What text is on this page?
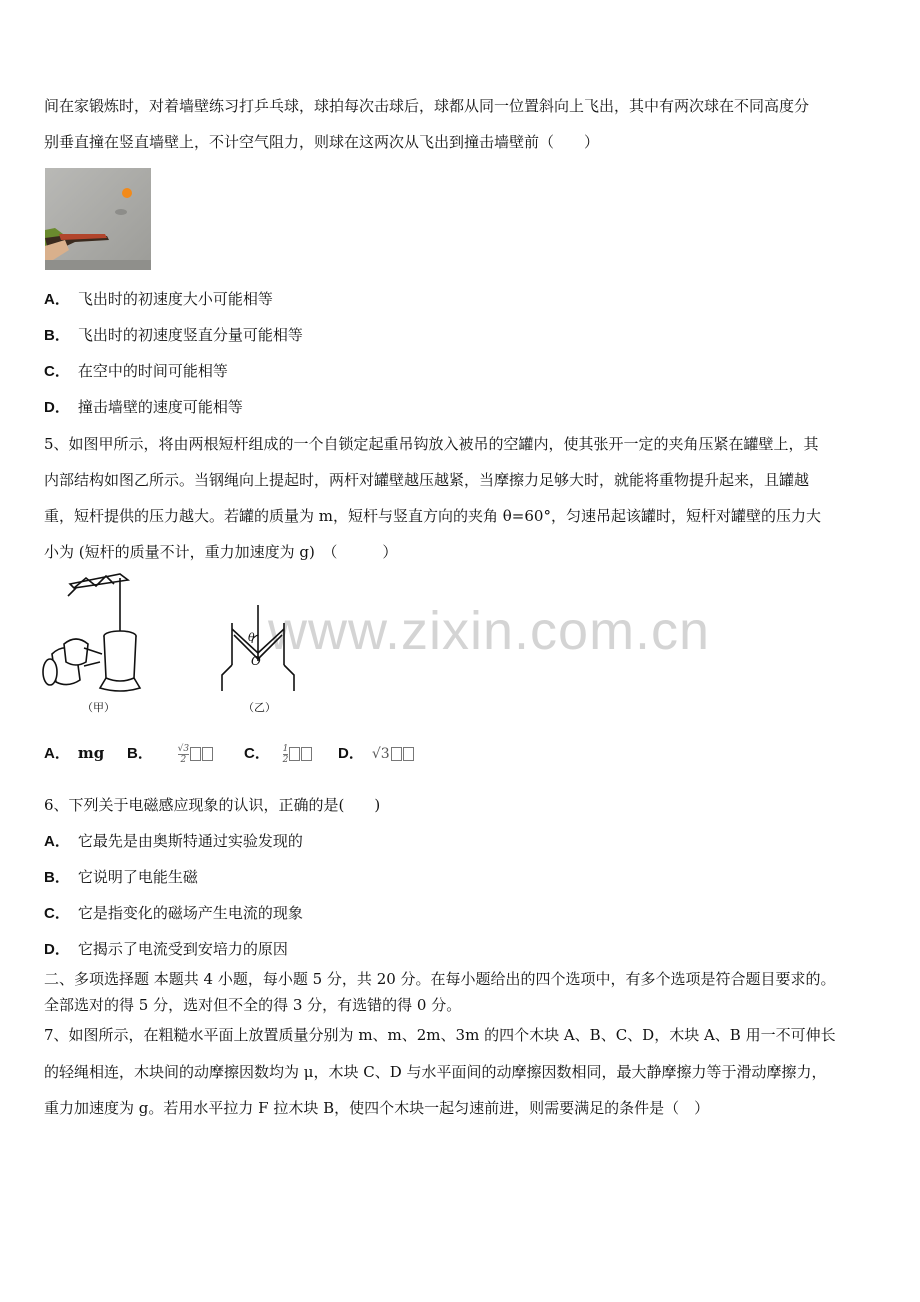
间在家锻炼时，对着墙壁练习打乒乓球，球拍每次击球后，球都从同一位置斜向上飞出，其中有两次球在不同高度分
别垂直撞在竖直墙壁上，不计空气阻力，则球在这两次从飞出到撞击墙壁前（　　）
A． 飞出时的初速度大小可能相等
B． 飞出时的初速度竖直分量可能相等
C． 在空中的时间可能相等
D． 撞击墙壁的速度可能相等
5、如图甲所示，将由两根短杆组成的一个自锁定起重吊钩放入被吊的空罐内，使其张开一定的夹角压紧在罐壁上，其
内部结构如图乙所示。当钢绳向上提起时，两杆对罐壁越压越紧，当摩擦力足够大时，就能将重物提升起来，且罐越
重，短杆提供的压力越大。若罐的质量为 m，短杆与竖直方向的夹角 θ=60°，匀速吊起该罐时，短杆对罐壁的压力大
小为 (短杆的质量不计，重力加速度为 g)　（　　　）
www.zixin.com.cn
（甲）
θ
O
（乙）
A． mg B．	$\frac{√3}{2}$	C． $\frac{1}{2}$	D． √3
6、下列关于电磁感应现象的认识，正确的是(　　)
A． 它最先是由奥斯特通过实验发现的
B． 它说明了电能生磁
C． 它是指变化的磁场产生电流的现象
D． 它揭示了电流受到安培力的原因
二、多项选择题 本题共 4 小题，每小题 5 分，共 20 分。在每小题给出的四个选项中，有多个选项是符合题目要求的。
全部选对的得 5 分，选对但不全的得 3 分，有选错的得 0 分。
7、如图所示，在粗糙水平面上放置质量分别为 m、m、2m、3m 的四个木块 A、B、C、D，木块 A、B 用一不可伸长
的轻绳相连，木块间的动摩擦因数均为 μ，木块 C、D 与水平面间的动摩擦因数相同，最大静摩擦力等于滑动摩擦力，
重力加速度为 g。若用水平拉力 F 拉木块 B，使四个木块一起匀速前进，则需要满足的条件是（　）
